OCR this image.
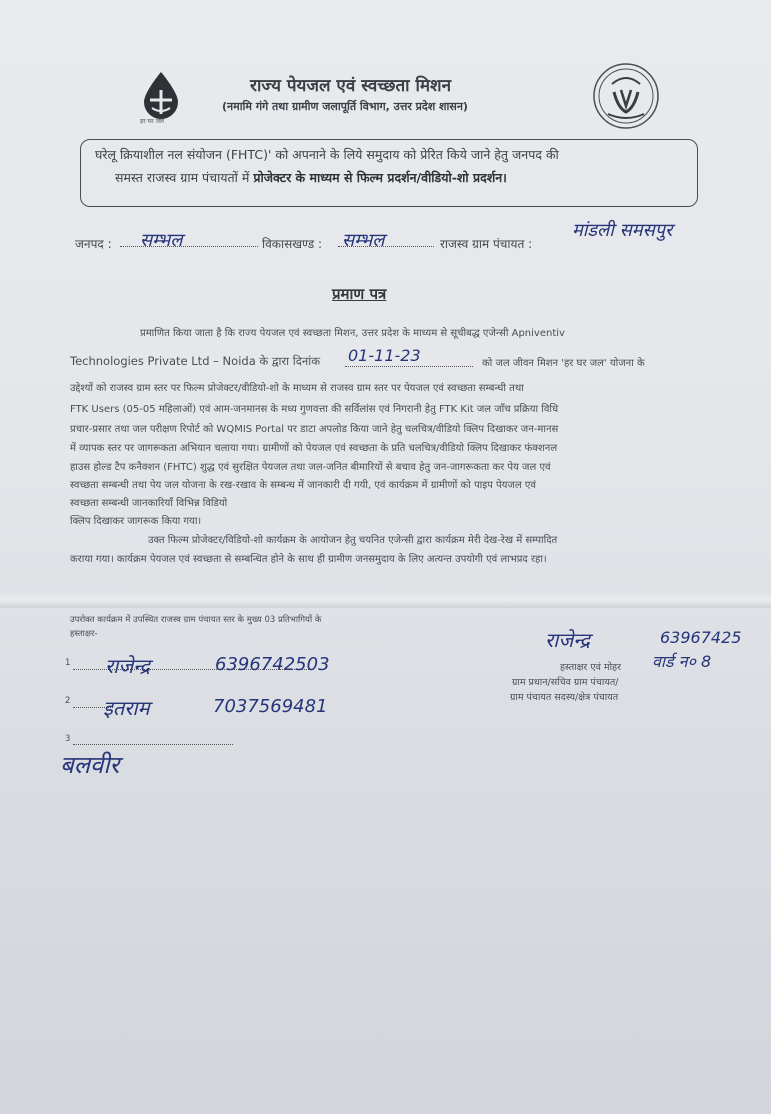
हर घर जल
राज्य पेयजल एवं स्वच्छता मिशन
(नमामि गंगे तथा ग्रामीण जलापूर्ति विभाग, उत्तर प्रदेश शासन)
घरेलू क्रियाशील नल संयोजन (FHTC)' को अपनाने के लिये समुदाय को प्रेरित किये जाने हेतु जनपद की
समस्त राजस्व ग्राम पंचायतों में प्रोजेक्टर के माध्यम से फिल्म प्रदर्शन/वीडियो-शो प्रदर्शन।
जनपद : सम्भल	विकासखण्ड : सम्भल	राजस्व ग्राम पंचायत :
मांडली समसपुर
प्रमाण पत्र
प्रमाणित किया जाता है कि राज्य पेयजल एवं स्वच्छता मिशन, उत्तर प्रदेश के माध्यम से सूचीबद्ध एजेन्सी Apniventiv
Technologies Private Ltd – Noida के द्वारा दिनांक 01-11-23	को जल जीवन मिशन 'हर घर जल' योजना के
उद्देश्यों को राजस्व ग्राम स्तर पर फिल्म प्रोजेक्टर/वीडियो-शो के माध्यम से राजस्व ग्राम स्तर पर पेयजल एवं स्वच्छता सम्बन्धी तथा
FTK Users (05-05 महिलाओं) एवं आम-जनमानस के मध्य गुणवत्ता की सर्विलांस एवं निगरानी हेतु FTK Kit जल जाँच प्रक्रिया विधि
प्रचार-प्रसार तथा जल परीक्षण रिपोर्ट को WQMIS Portal पर डाटा अपलोड किया जाने हेतु चलचित्र/वीडियो क्लिप दिखाकर जन-मानस
में व्यापक स्तर पर जागरूकता अभियान चलाया गया। ग्रामीणों को पेयजल एवं स्वच्छता के प्रति चलचित्र/वीडियो क्लिप दिखाकर फंक्शनल
हाउस होल्ड टैप कनैक्शन (FHTC) शुद्ध एवं सुरक्षित पेयजल तथा जल-जनित बीमारियों से बचाव हेतु जन-जागरूकता कर पेय जल एवं
स्वच्छता सम्बन्धी तथा पेय जल योजना के रख-रखाव के सम्बन्ध में जानकारी दी गयी, एवं कार्यक्रम में ग्रामीणों को पाइप पेयजल एवं
स्वच्छता सम्बन्धी जानकारियाँ विभिन्न विडियो
क्लिप दिखाकर जागरूक किया गया।
उक्त फिल्म प्रोजेक्टर/विडियो-शो कार्यक्रम के आयोजन हेतु चयनित एजेन्सी द्वारा कार्यक्रम मेरी देख-रेख में सम्पादित
कराया गया। कार्यक्रम पेयजल एवं स्वच्छता से सम्बन्धित होने के साथ ही ग्रामीण जनसमुदाय के लिए अत्यन्त उपयोगी एवं लाभप्रद रहा।
उपरोक्त कार्यक्रम में उपस्थित राजस्व ग्राम पंचायत स्तर के मुख्य 03 प्रतिभागियों के
हस्ताक्षर-
1 राजेन्द्र	6396742503
2 इतराम	7037569481
3
बलवीर
राजेन्द्र	63967425
वार्ड न० 8
हस्ताक्षर एवं मोहर
ग्राम प्रधान/सचिव ग्राम पंचायत/
ग्राम पंचायत सदस्य/क्षेत्र पंचायत
